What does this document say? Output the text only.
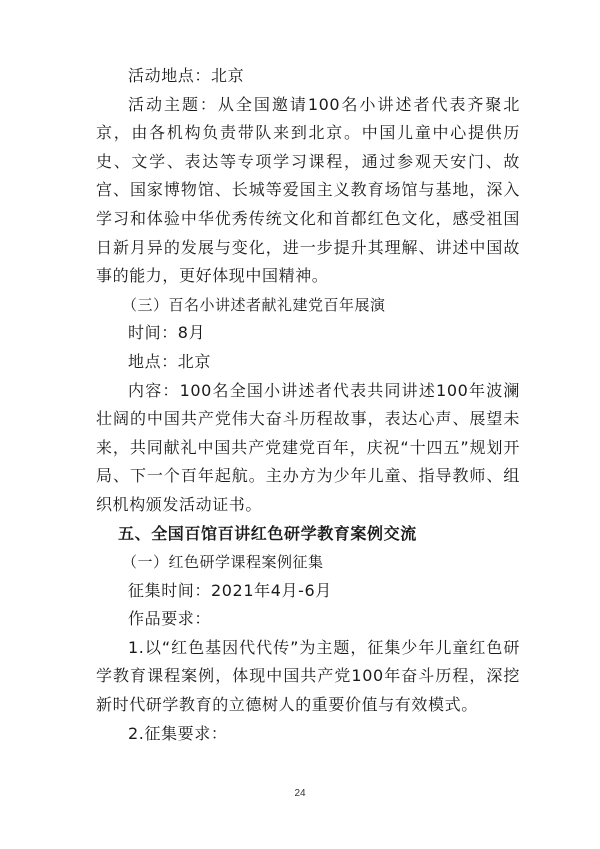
活动地点：北京

活动主题：从全国邀请100名小讲述者代表齐聚北京，由各机构负责带队来到北京。中国儿童中心提供历史、文学、表达等专项学习课程，通过参观天安门、故宫、国家博物馆、长城等爱国主义教育场馆与基地，深入学习和体验中华优秀传统文化和首都红色文化，感受祖国日新月异的发展与变化，进一步提升其理解、讲述中国故事的能力，更好体现中国精神。

（三）百名小讲述者献礼建党百年展演

时间：8月

地点：北京

内容：100名全国小讲述者代表共同讲述100年波澜壮阔的中国共产党伟大奋斗历程故事，表达心声、展望未来，共同献礼中国共产党建党百年，庆祝“十四五”规划开局、下一个百年起航。主办方为少年儿童、指导教师、组织机构颁发活动证书。

五、全国百馆百讲红色研学教育案例交流

（一）红色研学课程案例征集

征集时间：2021年4月-6月

作品要求：

1.以“红色基因代代传”为主题，征集少年儿童红色研学教育课程案例，体现中国共产党100年奋斗历程，深挖新时代研学教育的立德树人的重要价值与有效模式。

2.征集要求：

24
